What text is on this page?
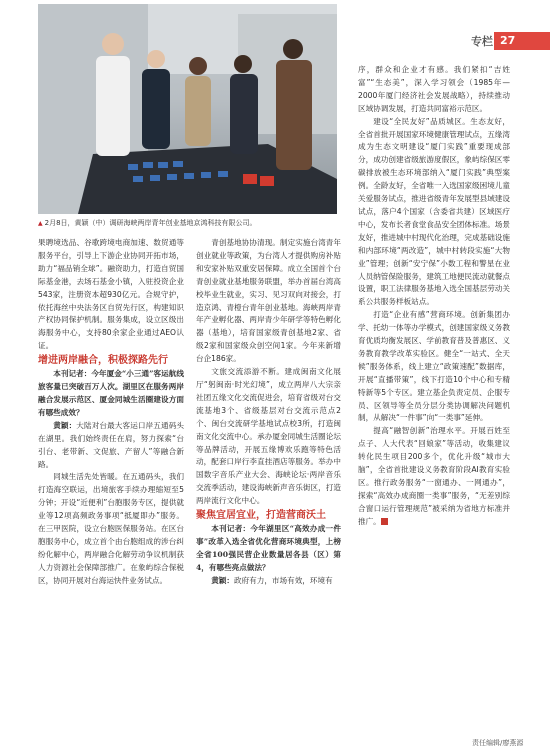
▲ 2月8日，黄颖（中）调研海峡两岸青年创业基地京鸿科技有限公司。
专栏 27

果聘境选品、谷歌跨境电商加速、数贸通等服务平台，引导上下游企业协同开拓市场，助力“福品销全球”。融资助力，打造自贸国际基金港，去场石基金小镇，入驻投资企业543家，注册资本超930亿元。合规守护，依托海丝中央法务区自贸先行区，构建知识产权协同保护机制。服务集成，设立区级出海服务中心，支持80余家企业通过AEO认证。

增进两岸融合，积极探路先行

本刊记者：今年厦金“小三通”客运航线旅客量已突破百万人次。湖里区在服务两岸融合发展示范区、厦金同城生活圈建设方面有哪些成效？

黄颖：大陆对台最大客运口岸五通码头在湖里。我们始终责任在肩，努力探索“台引台、老带新、文促旅、产留人”等融合新路。

同城生活先处皆暖。在五通码头，我们打造海空联运，出境旅客手续办理缩短至5分钟；开设“近便利”台胞服务专区，提供就业等12项高频政务事项“抵厦即办”服务。在三甲医院，设立台胞医保服务站。在区台胞服务中心，成立首个由台胞组成的涉台纠纷化解中心，两岸融合化解劳动争议机制获人力资源社会保障部推广。在象屿综合保税区，协同开展对台海运快件业务试点。

青创基地协协清现。制定实施台湾青年创业就业等政策，为台湾人才提供购房补贴和安家补贴双重安居保障。成立全国首个台青创业就业基地服务联盟，举办首届台湾高校毕业生就业，实习、见习双向对接会，打造京鸿、青橙台青年创业基地。海峡两岸青年产业孵化器、两岸青少年研学等特色孵化器（基地），培育国家级青创基地2家、省级2家和国家级众创空间1家。今年来新增台企186家。

文旅交流添游不断。建成闽南文化展厅“躬闽南·时光幻境”，成立两岸八大宗亲社团五缘文化交流促进会，培育省级对台交流基地3个、省级基层对台交流示范点2个、闽台交流研学基地试点校3所，打造闽南文化交流中心。承办厦金同城生活圈论坛等品牌活动，开展五缘博欢乐跑等特色活动，配套口岸行李直挂酒店等服务。举办中国数字音乐产业大会、海峡论坛·两岸音乐交流季活动，建设海峡新声音乐街区，打造两岸流行文化中心。

聚焦宜居宜业，打造营商沃土

本刊记者：今年湖里区“高效办成一件事”改革入选全省优化营商环境典型，上榜全省100强民营企业数量居各县（区）第4，有哪些亮点做法？

黄颖：政府有力，市场有效，环境有

序，群众和企业才有感。我们紧扣“吉姓富”“生态美”，深入学习领会（1985年—2000年厦门经济社会发展战略），持续推动区域协调发展，打造共同富裕示范区。

建设“全民友好”品质城区。生态友好，全省首批开展国家环境健康管理试点，五缘湾成为生态文明建设“厦门实践”重要现成部分，成功创建省级旅游度假区，象屿综保区零碳排放被生态环境部纳入“厦门实践”典型案例。全龄友好，全省唯一入选国家级困境儿童关爱服务试点，推进省级青年发展型县域建设试点，落户4个国家（含委省共建）区域医疗中心，发布长者食堂食品安全团体标准。场景友好，推进城中村现代化治理，完成基础设施和内部环境“两改造”，城中村转段实施“大物业”管理；创新“安宁保”小数工程和警星在业人员纳管保险服务，建筑工地便民流动就餐点设置，职工法律服务基地入选全国基层劳动关系公共服务样板站点。

打造“企业有感”营商环境。创新集团办学、托幼一体等办学模式，创建国家级义务教育优质均衡发展区、学前教育普及普惠区、义务教育教学改革实验区。健全“一站式、全天候”服务体系，线上建立“政策速配”数据库，开展“直播带策”，线下打造10个中心和专精特新等5个专区。建立基企负责定员、企服专员、区领导等全员分层分类协调解决问题机制，从解决“一件事”向“一类事”延伸。

提高“融智创新”治理水平。开展百姓至点子、人大代表“回娘家”等活动，收集建议转化民生项目200多个，优化升级“城市大脑”，全省首批建设义务教育阶段AI教育实验区。推行政务服务“一窗通办、一网通办”，探索“高效办成商圈一类事”服务，“无差别综合窗口运行管理规范”被采纳为省地方标准并推广。

责任编辑/廖燕源
